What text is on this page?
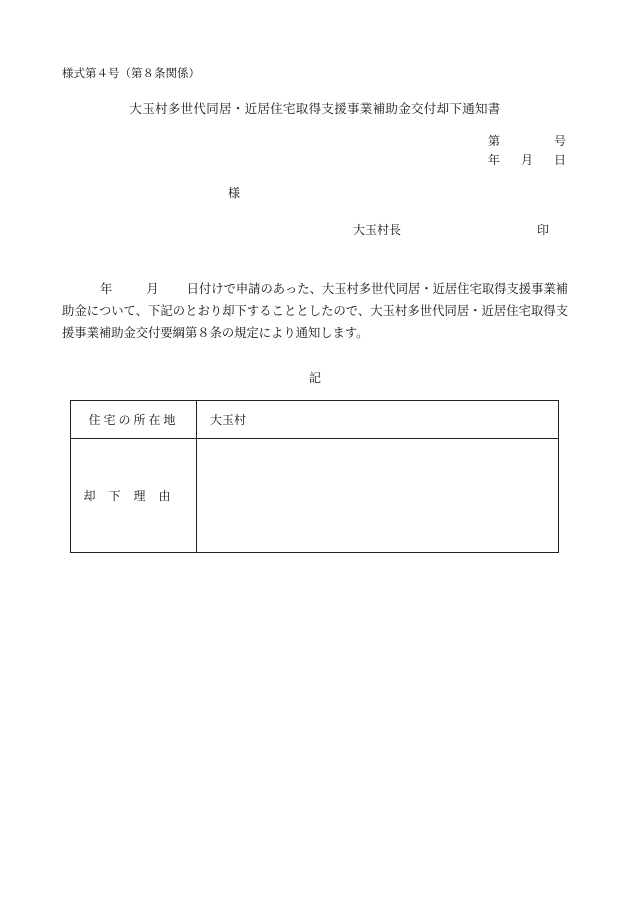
様式第４号（第８条関係）
大玉村多世代同居・近居住宅取得支援事業補助金交付却下通知書
第	号
年 月 日
様
大玉村長	印
年	月 日付けで申請のあった、大玉村多世代同居・近居住宅取得支援事業補助金について、下記のとおり却下することとしたので、大玉村多世代同居・近居住宅取得支援事業補助金交付要綱第８条の規定により通知します。
記
住宅の所在地	大玉村
却下理由	
